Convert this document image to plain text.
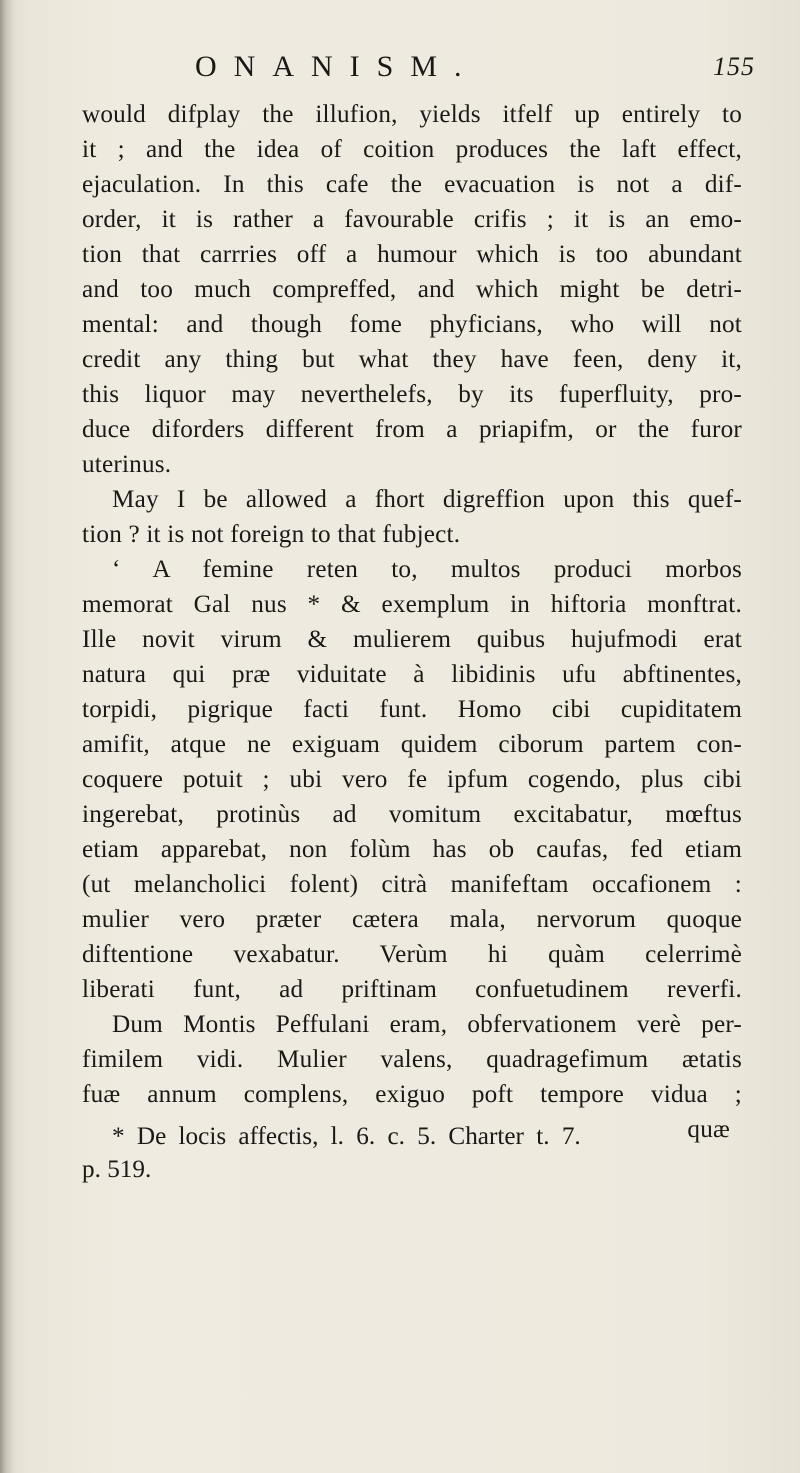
ONANISM.	155
would difplay the illufion, yields itfelf up entirely to
it ; and the idea of coition produces the laft effect,
ejaculation. In this cafe the evacuation is not a dif-
order, it is rather a favourable crifis ; it is an emo-
tion that carrries off a humour which is too abundant
and too much compreffed, and which might be detri-
mental: and though fome phyficians, who will not
credit any thing but what they have feen, deny it,
this liquor may neverthelefs, by its fuperfluity, pro-
duce diforders different from a priapifm, or the furor
uterinus.
May I be allowed a fhort digreffion upon this quef-
tion ? it is not foreign to that fubject.
‘ A femine reten to, multos produci morbos
memorat Gal nus * & exemplum in hiftoria monftrat.
Ille novit virum & mulierem quibus hujufmodi erat
natura qui præ viduitate à libidinis ufu abftinentes,
torpidi, pigrique facti funt. Homo cibi cupiditatem
amifit, atque ne exiguam quidem ciborum partem con-
coquere potuit ; ubi vero fe ipfum cogendo, plus cibi
ingerebat, protinùs ad vomitum excitabatur, mœftus
etiam apparebat, non folùm has ob caufas, fed etiam
(ut melancholici folent) citrà manifeftam occafionem :
mulier vero præter cætera mala, nervorum quoque
diftentione vexabatur. Verùm hi quàm celerrimè
liberati funt, ad priftinam confuetudinem reverfi.
Dum Montis Peffulani eram, obfervationem verè per-
fimilem vidi. Mulier valens, quadragefimum ætatis
fuæ annum complens, exiguo poft tempore vidua ;
quæ
* De locis affectis, l. 6. c. 5. Charter t. 7.
p. 519.
